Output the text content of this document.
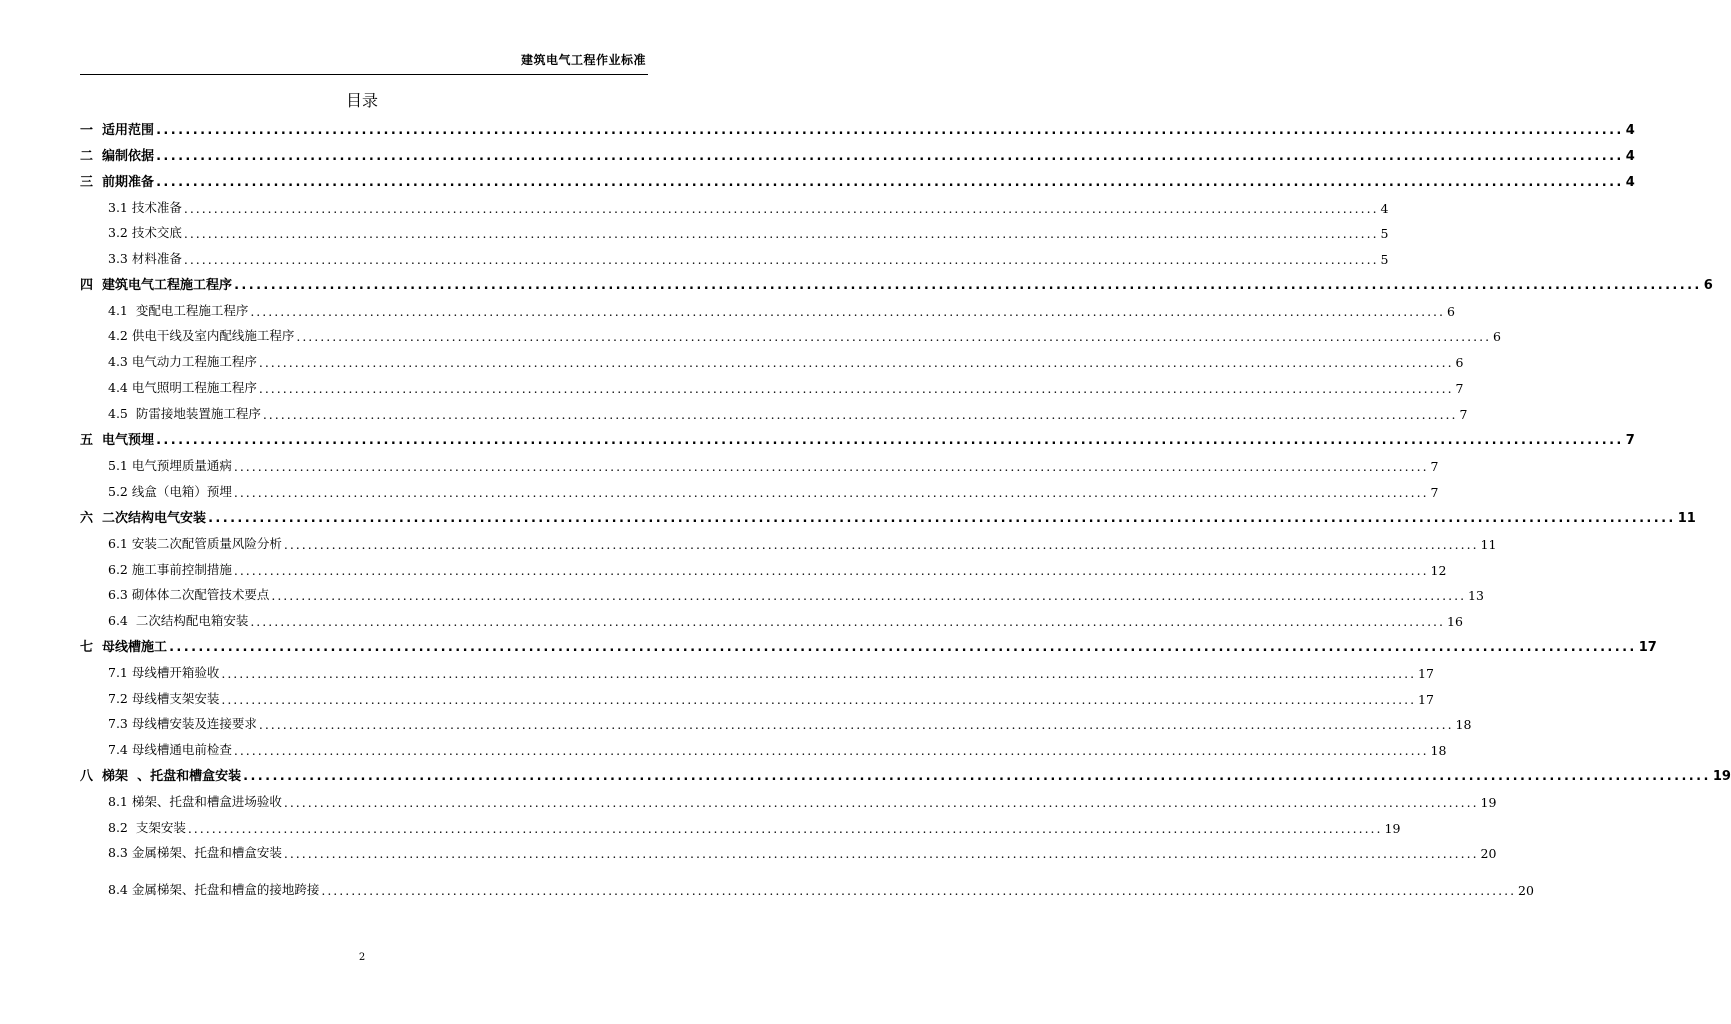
建筑电气工程作业标准
目录
一  适用范围 ........................................................................................................................................................................................................ 4
二  编制依据 ........................................................................................................................................................................................................ 4
三  前期准备 ........................................................................................................................................................................................................ 4
3.1 技术准备 ........................................................................................................................................................................................................ 4
3.2 技术交底 ........................................................................................................................................................................................................ 5
3.3 材料准备 ........................................................................................................................................................................................................ 5
四  建筑电气工程施工程序 ........................................................................................................................................................................................................ 6
4.1  变配电工程施工程序 ........................................................................................................................................................................................................ 6
4.2 供电干线及室内配线施工程序 ........................................................................................................................................................................................................ 6
4.3 电气动力工程施工程序 ........................................................................................................................................................................................................ 6
4.4 电气照明工程施工程序 ........................................................................................................................................................................................................ 7
4.5  防雷接地装置施工程序 ........................................................................................................................................................................................................ 7
五  电气预埋 ........................................................................................................................................................................................................ 7
5.1 电气预埋质量通病 ........................................................................................................................................................................................................ 7
5.2 线盒（电箱）预埋 ........................................................................................................................................................................................................ 7
六  二次结构电气安装 ........................................................................................................................................................................................................ 11
6.1 安装二次配管质量风险分析 ........................................................................................................................................................................................................ 11
6.2 施工事前控制措施 ........................................................................................................................................................................................................ 12
6.3 砌体体二次配管技术要点 ........................................................................................................................................................................................................ 13
6.4  二次结构配电箱安装 ........................................................................................................................................................................................................ 16
七  母线槽施工 ........................................................................................................................................................................................................ 17
7.1 母线槽开箱验收 ........................................................................................................................................................................................................ 17
7.2 母线槽支架安装 ........................................................................................................................................................................................................ 17
7.3 母线槽安装及连接要求 ........................................................................................................................................................................................................ 18
7.4 母线槽通电前检查 ........................................................................................................................................................................................................ 18
八  梯架  、托盘和槽盒安装 ........................................................................................................................................................................................................ 19
8.1 梯架、托盘和槽盒进场验收 ........................................................................................................................................................................................................ 19
8.2  支架安装 ........................................................................................................................................................................................................ 19
8.3 金属梯架、托盘和槽盒安装 ........................................................................................................................................................................................................ 20
8.4 金属梯架、托盘和槽盒的接地跨接 ........................................................................................................................................................................................................ 20
2
